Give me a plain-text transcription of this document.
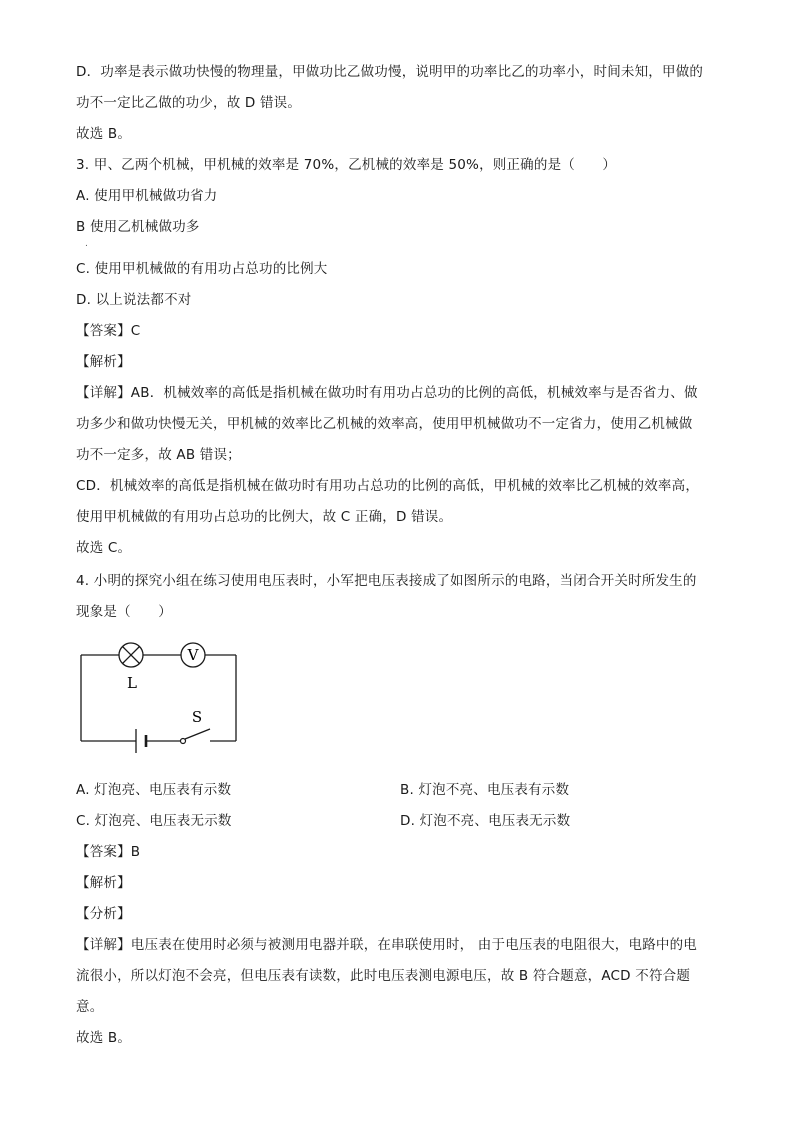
D．功率是表示做功快慢的物理量，甲做功比乙做功慢，说明甲的功率比乙的功率小，时间未知，甲做的
功不一定比乙做的功少，故 D 错误。
故选 B。
3. 甲、乙两个机械，甲机械的效率是 70%，乙机械的效率是 50%，则正确的是（　　）
A. 使用甲机械做功省力
B 使用乙机械做功多
.
C. 使用甲机械做的有用功占总功的比例大
D. 以上说法都不对
【答案】C
【解析】
【详解】AB．机械效率的高低是指机械在做功时有用功占总功的比例的高低，机械效率与是否省力、做
功多少和做功快慢无关，甲机械的效率比乙机械的效率高，使用甲机械做功不一定省力，使用乙机械做
功不一定多，故 AB 错误；
CD．机械效率的高低是指机械在做功时有用功占总功的比例的高低，甲机械的效率比乙机械的效率高，
使用甲机械做的有用功占总功的比例大，故 C 正确，D 错误。
故选 C。
4. 小明的探究小组在练习使用电压表时，小军把电压表接成了如图所示的电路，当闭合开关时所发生的
现象是（　　）
V
L
S
A. 灯泡亮、电压表有示数	B. 灯泡不亮、电压表有示数
C. 灯泡亮、电压表无示数	D. 灯泡不亮、电压表无示数
【答案】B
【解析】
【分析】
【详解】电压表在使用时必须与被测用电器并联，在串联使用时， 由于电压表的电阻很大，电路中的电
流很小，所以灯泡不会亮，但电压表有读数，此时电压表测电源电压，故 B 符合题意，ACD 不符合题
意。
故选 B。
